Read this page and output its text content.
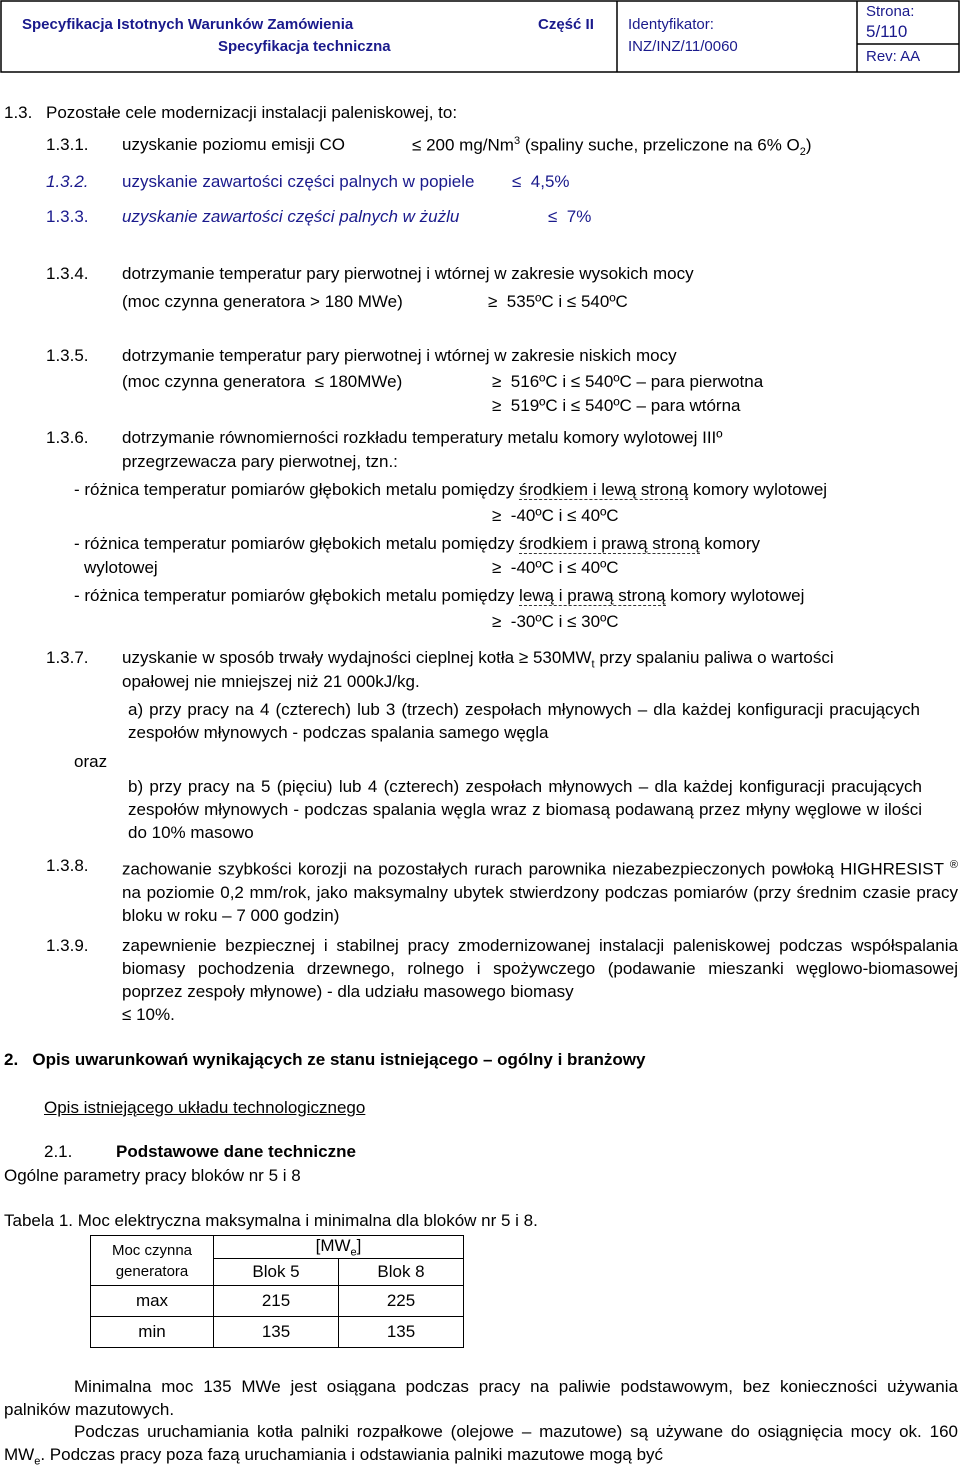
Specyfikacja Istotnych Warunków Zamówienia	Część II
Specyfikacja techniczna
Identyfikator:
INZ/INZ/11/0060
Strona:
5/110
Rev: AA
1.3. Pozostałe cele modernizacji instalacji paleniskowej, to:
1.3.1. uzyskanie poziomu emisji CO	≤ 200 mg/Nm$^3$ (spaliny suche, przeliczone na 6% $O_2$)
1.3.2. uzyskanie zawartości części palnych w popiele ≤ 4,5%
1.3.3. uzyskanie zawartości części palnych w żużlu	≤ 7%
1.3.4. dotrzymanie temperatur pary pierwotnej i wtórnej w zakresie wysokich mocy
(moc czynna generatora > 180 MWe)	≥ 535ºC i ≤ 540ºC
1.3.5. dotrzymanie temperatur pary pierwotnej i wtórnej w zakresie niskich mocy
(moc czynna generatora ≤ 180MWe)	≥ 516ºC i ≤ 540ºC – para pierwotna
≥ 519ºC i ≤ 540ºC – para wtórna
1.3.6. dotrzymanie równomierności rozkładu temperatury metalu komory wylotowej IIIº
przegrzewacza pary pierwotnej, tzn.:
- różnica temperatur pomiarów głębokich metalu pomiędzy środkiem i lewą stroną komory wylotowej
≥ -40ºC i ≤ 40ºC
- różnica temperatur pomiarów głębokich metalu pomiędzy środkiem i prawą stroną komory
wylotowej	≥ -40ºC i ≤ 40ºC
- różnica temperatur pomiarów głębokich metalu pomiędzy lewą i prawą stroną komory wylotowej
≥ -30ºC i ≤ 30ºC
1.3.7. uzyskanie w sposób trwały wydajności cieplnej kotła ≥ $530MW_t$ przy spalaniu paliwa o wartości
opałowej nie mniejszej niż 21 000kJ/kg.
a) przy pracy na 4 (czterech) lub 3 (trzech) zespołach młynowych – dla każdej konfiguracji pracujących zespołów młynowych - podczas spalania samego węgla
oraz
b) przy pracy na 5 (pięciu) lub 4 (czterech) zespołach młynowych – dla każdej konfiguracji pracujących zespołów młynowych - podczas spalania węgla wraz z biomasą podawaną przez młyny węglowe w ilości do 10% masowo
1.3.8. zachowanie szybkości korozji na pozostałych rurach parownika niezabezpieczonych powłoką HIGHRESIST ® na poziomie 0,2 mm/rok, jako maksymalny ubytek stwierdzony podczas pomiarów (przy średnim czasie pracy bloku w roku – 7 000 godzin)
1.3.9. zapewnienie bezpiecznej i stabilnej pracy zmodernizowanej instalacji paleniskowej podczas współspalania biomasy pochodzenia drzewnego, rolnego i spożywczego (podawanie mieszanki węglowo-biomasowej poprzez zespoły młynowe) - dla udziału masowego biomasy
≤ 10%.
2.   Opis uwarunkowań wynikających ze stanu istniejącego – ogólny i branżowy
Opis istniejącego układu technologicznego
2.1.	Podstawowe dane techniczne
Ogólne parametry pracy bloków nr 5 i 8
Tabela 1. Moc elektryczna maksymalna i minimalna dla bloków nr 5 i 8.
Moc czynna
generatora	$[MW_e]$	
	Blok 5	Blok 8
max	215	225
min	135	135
Minimalna moc 135 MWe jest osiągana podczas pracy na paliwie podstawowym, bez konieczności używania palników mazutowych.
Podczas uruchamiania kotła palniki rozpałkowe (olejowe – mazutowe) są używane do osiągnięcia mocy ok. 160 $MW_e$. Podczas pracy poza fazą uruchamiania i odstawiania palniki mazutowe mogą być
